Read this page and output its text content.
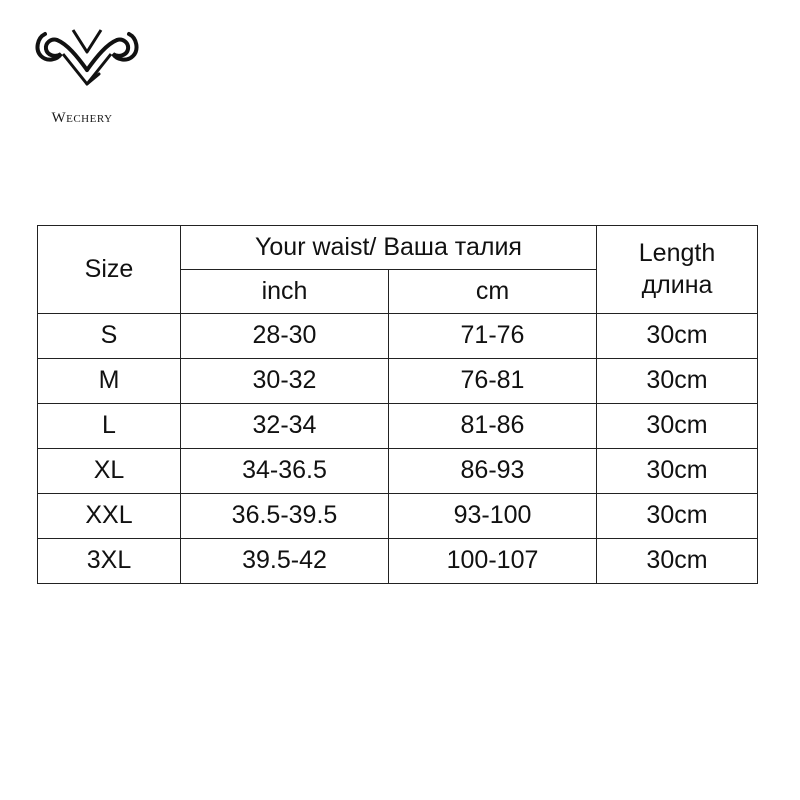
Wechery
Size	Your waist/ Ваша талия		Length
длина
	inch	cm	
S	28-30	71-76	30cm
M	30-32	76-81	30cm
L	32-34	81-86	30cm
XL	34-36.5	86-93	30cm
XXL	36.5-39.5	93-100	30cm
3XL	39.5-42	100-107	30cm
